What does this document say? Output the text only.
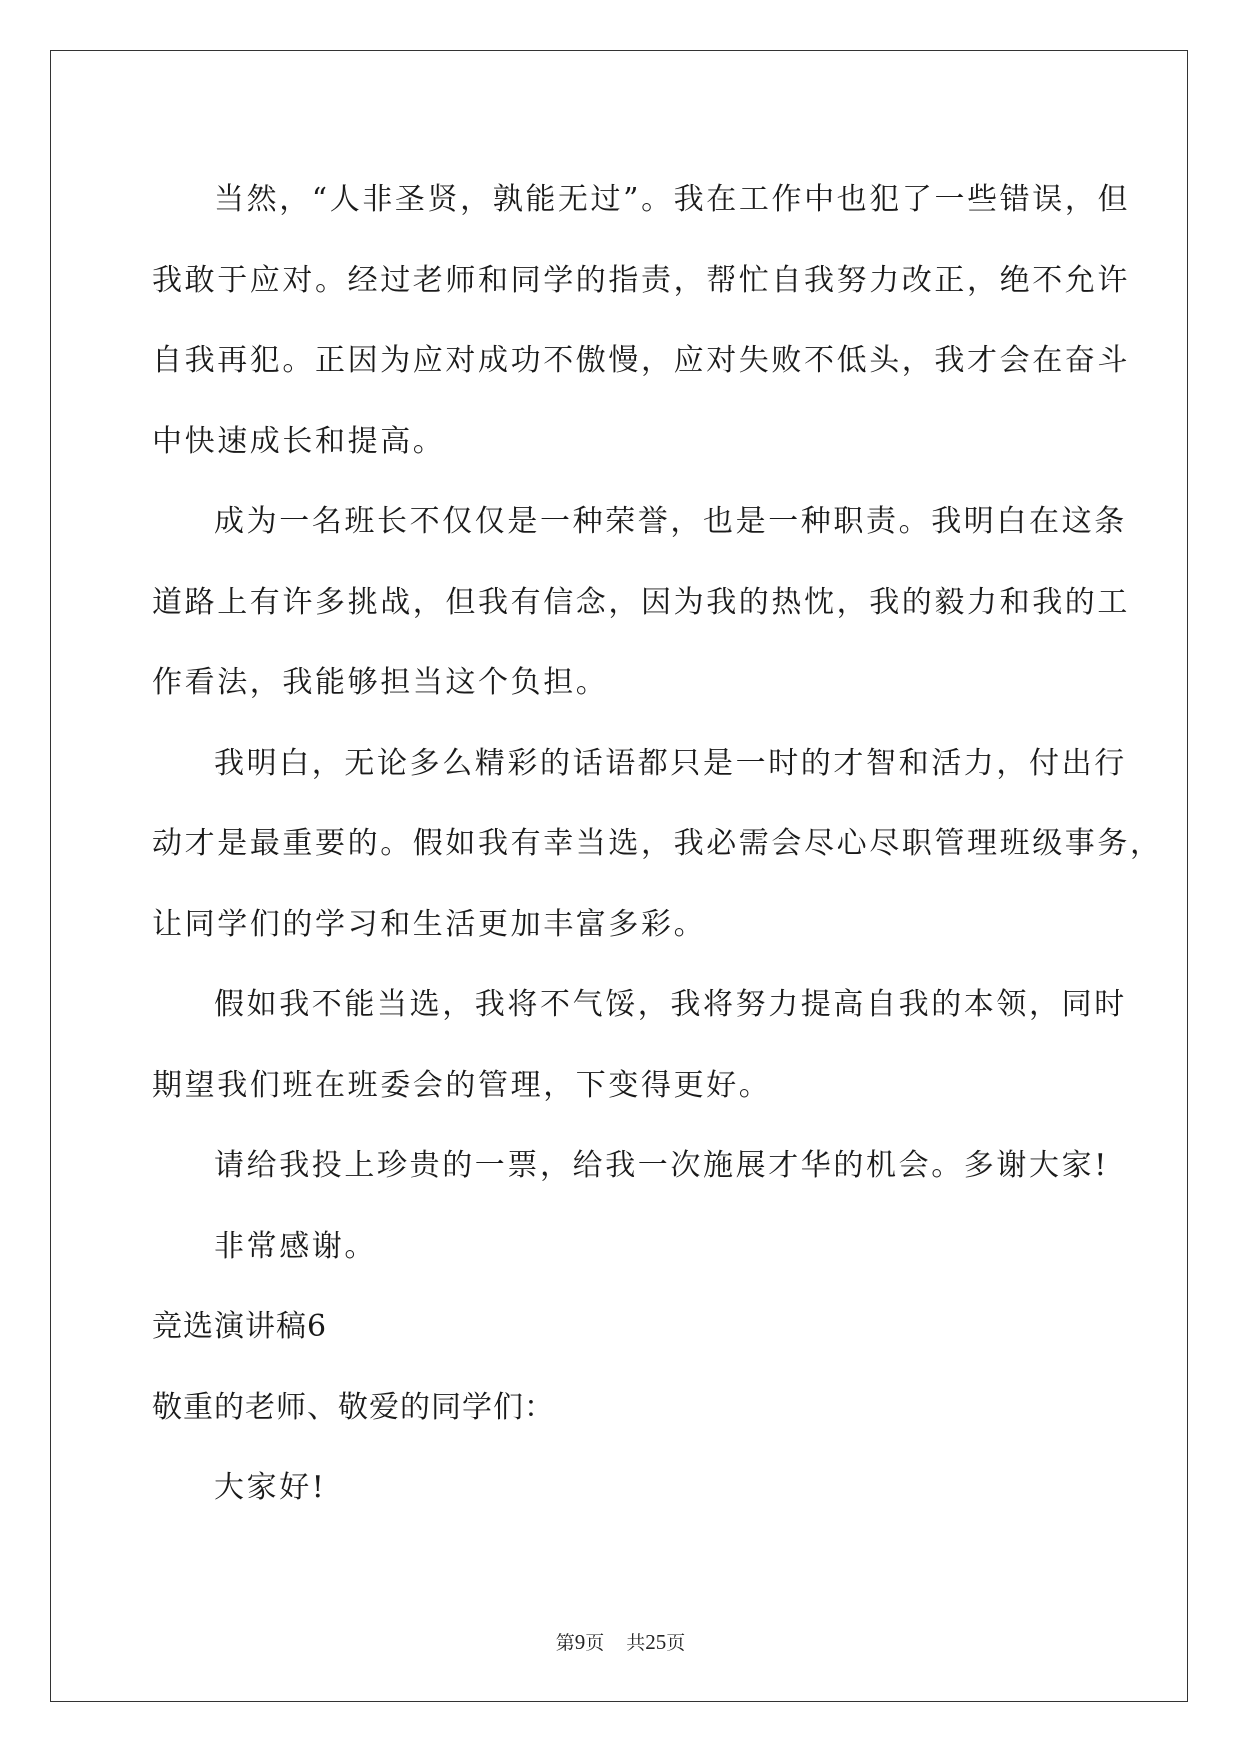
当然，“人非圣贤，孰能无过”。我在工作中也犯了一些错误，但

我敢于应对。经过老师和同学的指责，帮忙自我努力改正，绝不允许

自我再犯。正因为应对成功不傲慢，应对失败不低头，我才会在奋斗

中快速成长和提高。

成为一名班长不仅仅是一种荣誉，也是一种职责。我明白在这条

道路上有许多挑战，但我有信念，因为我的热忱，我的毅力和我的工

作看法，我能够担当这个负担。

我明白，无论多么精彩的话语都只是一时的才智和活力，付出行

动才是最重要的。假如我有幸当选，我必需会尽心尽职管理班级事务，

让同学们的学习和生活更加丰富多彩。

假如我不能当选，我将不气馁，我将努力提高自我的本领，同时

期望我们班在班委会的管理，下变得更好。

请给我投上珍贵的一票，给我一次施展才华的机会。多谢大家!

非常感谢。

竞选演讲稿6

敬重的老师、敬爱的同学们：

大家好!

第9页 共25页
